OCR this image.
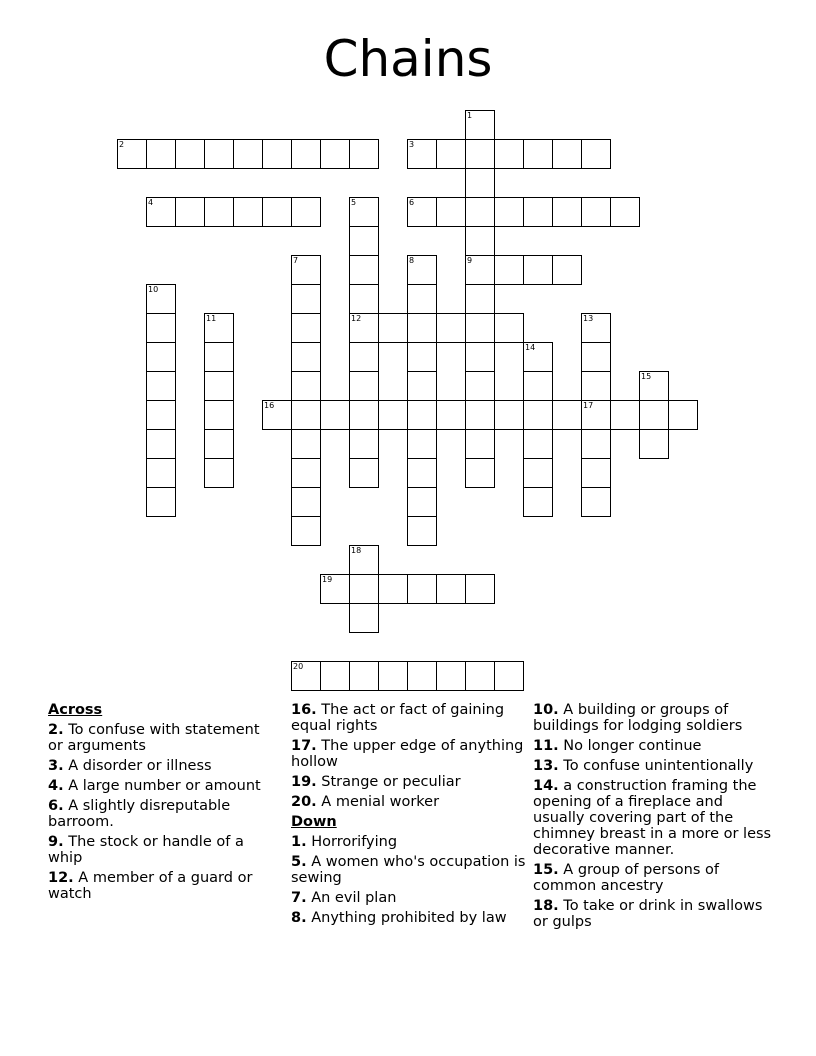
Chains
2	3
4	6
9
12
16	17
19
20
1
5
7	8
10
11	13
14
15
18
Across
2. To confuse with statement or arguments
3. A disorder or illness
4. A large number or amount
6. A slightly disreputable barroom.
9. The stock or handle of a whip
12. A member of a guard or watch
16. The act or fact of gaining equal rights
17. The upper edge of anything hollow
19. Strange or peculiar
20. A menial worker
Down
1. Horrorifying
5. A women who's occupation is sewing
7. An evil plan
8. Anything prohibited by law
10. A building or groups of buildings for lodging soldiers
11. No longer continue
13. To confuse unintentionally
14. a construction framing the opening of a fireplace and usually covering part of the chimney breast in a more or less decorative manner.
15. A group of persons of common ancestry
18. To take or drink in swallows or gulps
